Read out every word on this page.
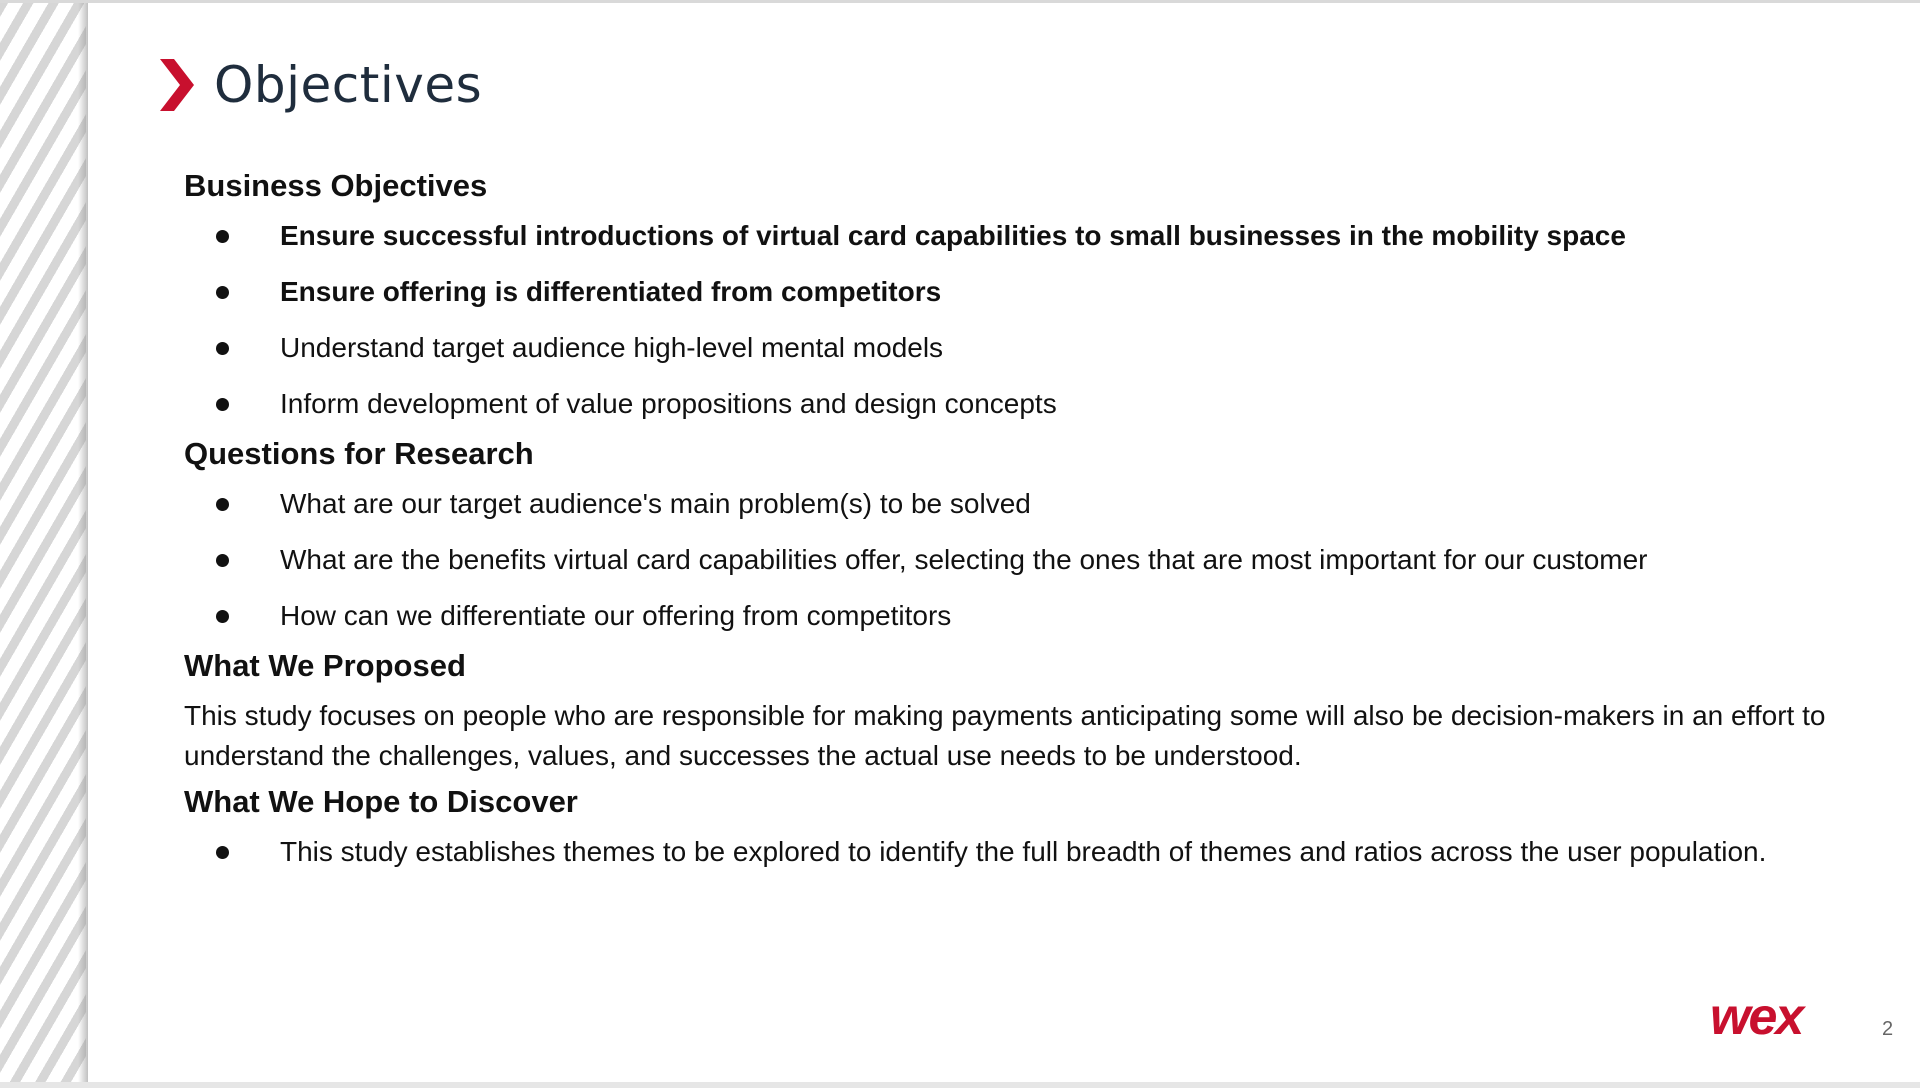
Objectives
Business Objectives
Ensure successful introductions of virtual card capabilities to small businesses in the mobility space
Ensure offering is differentiated from competitors
Understand target audience high-level mental models
Inform development of value propositions and design concepts
Questions for Research
What are our target audience's main problem(s) to be solved
What are the benefits virtual card capabilities offer, selecting the ones that are most important for our customer
How can we differentiate our offering from competitors
What We Proposed

This study focuses on people who are responsible for making payments anticipating some will also be decision-makers in an effort to understand the challenges, values, and successes the actual use needs to be understood.

What We Hope to Discover
This study establishes themes to be explored to identify the full breadth of themes and ratios across the user population.
wex	2
